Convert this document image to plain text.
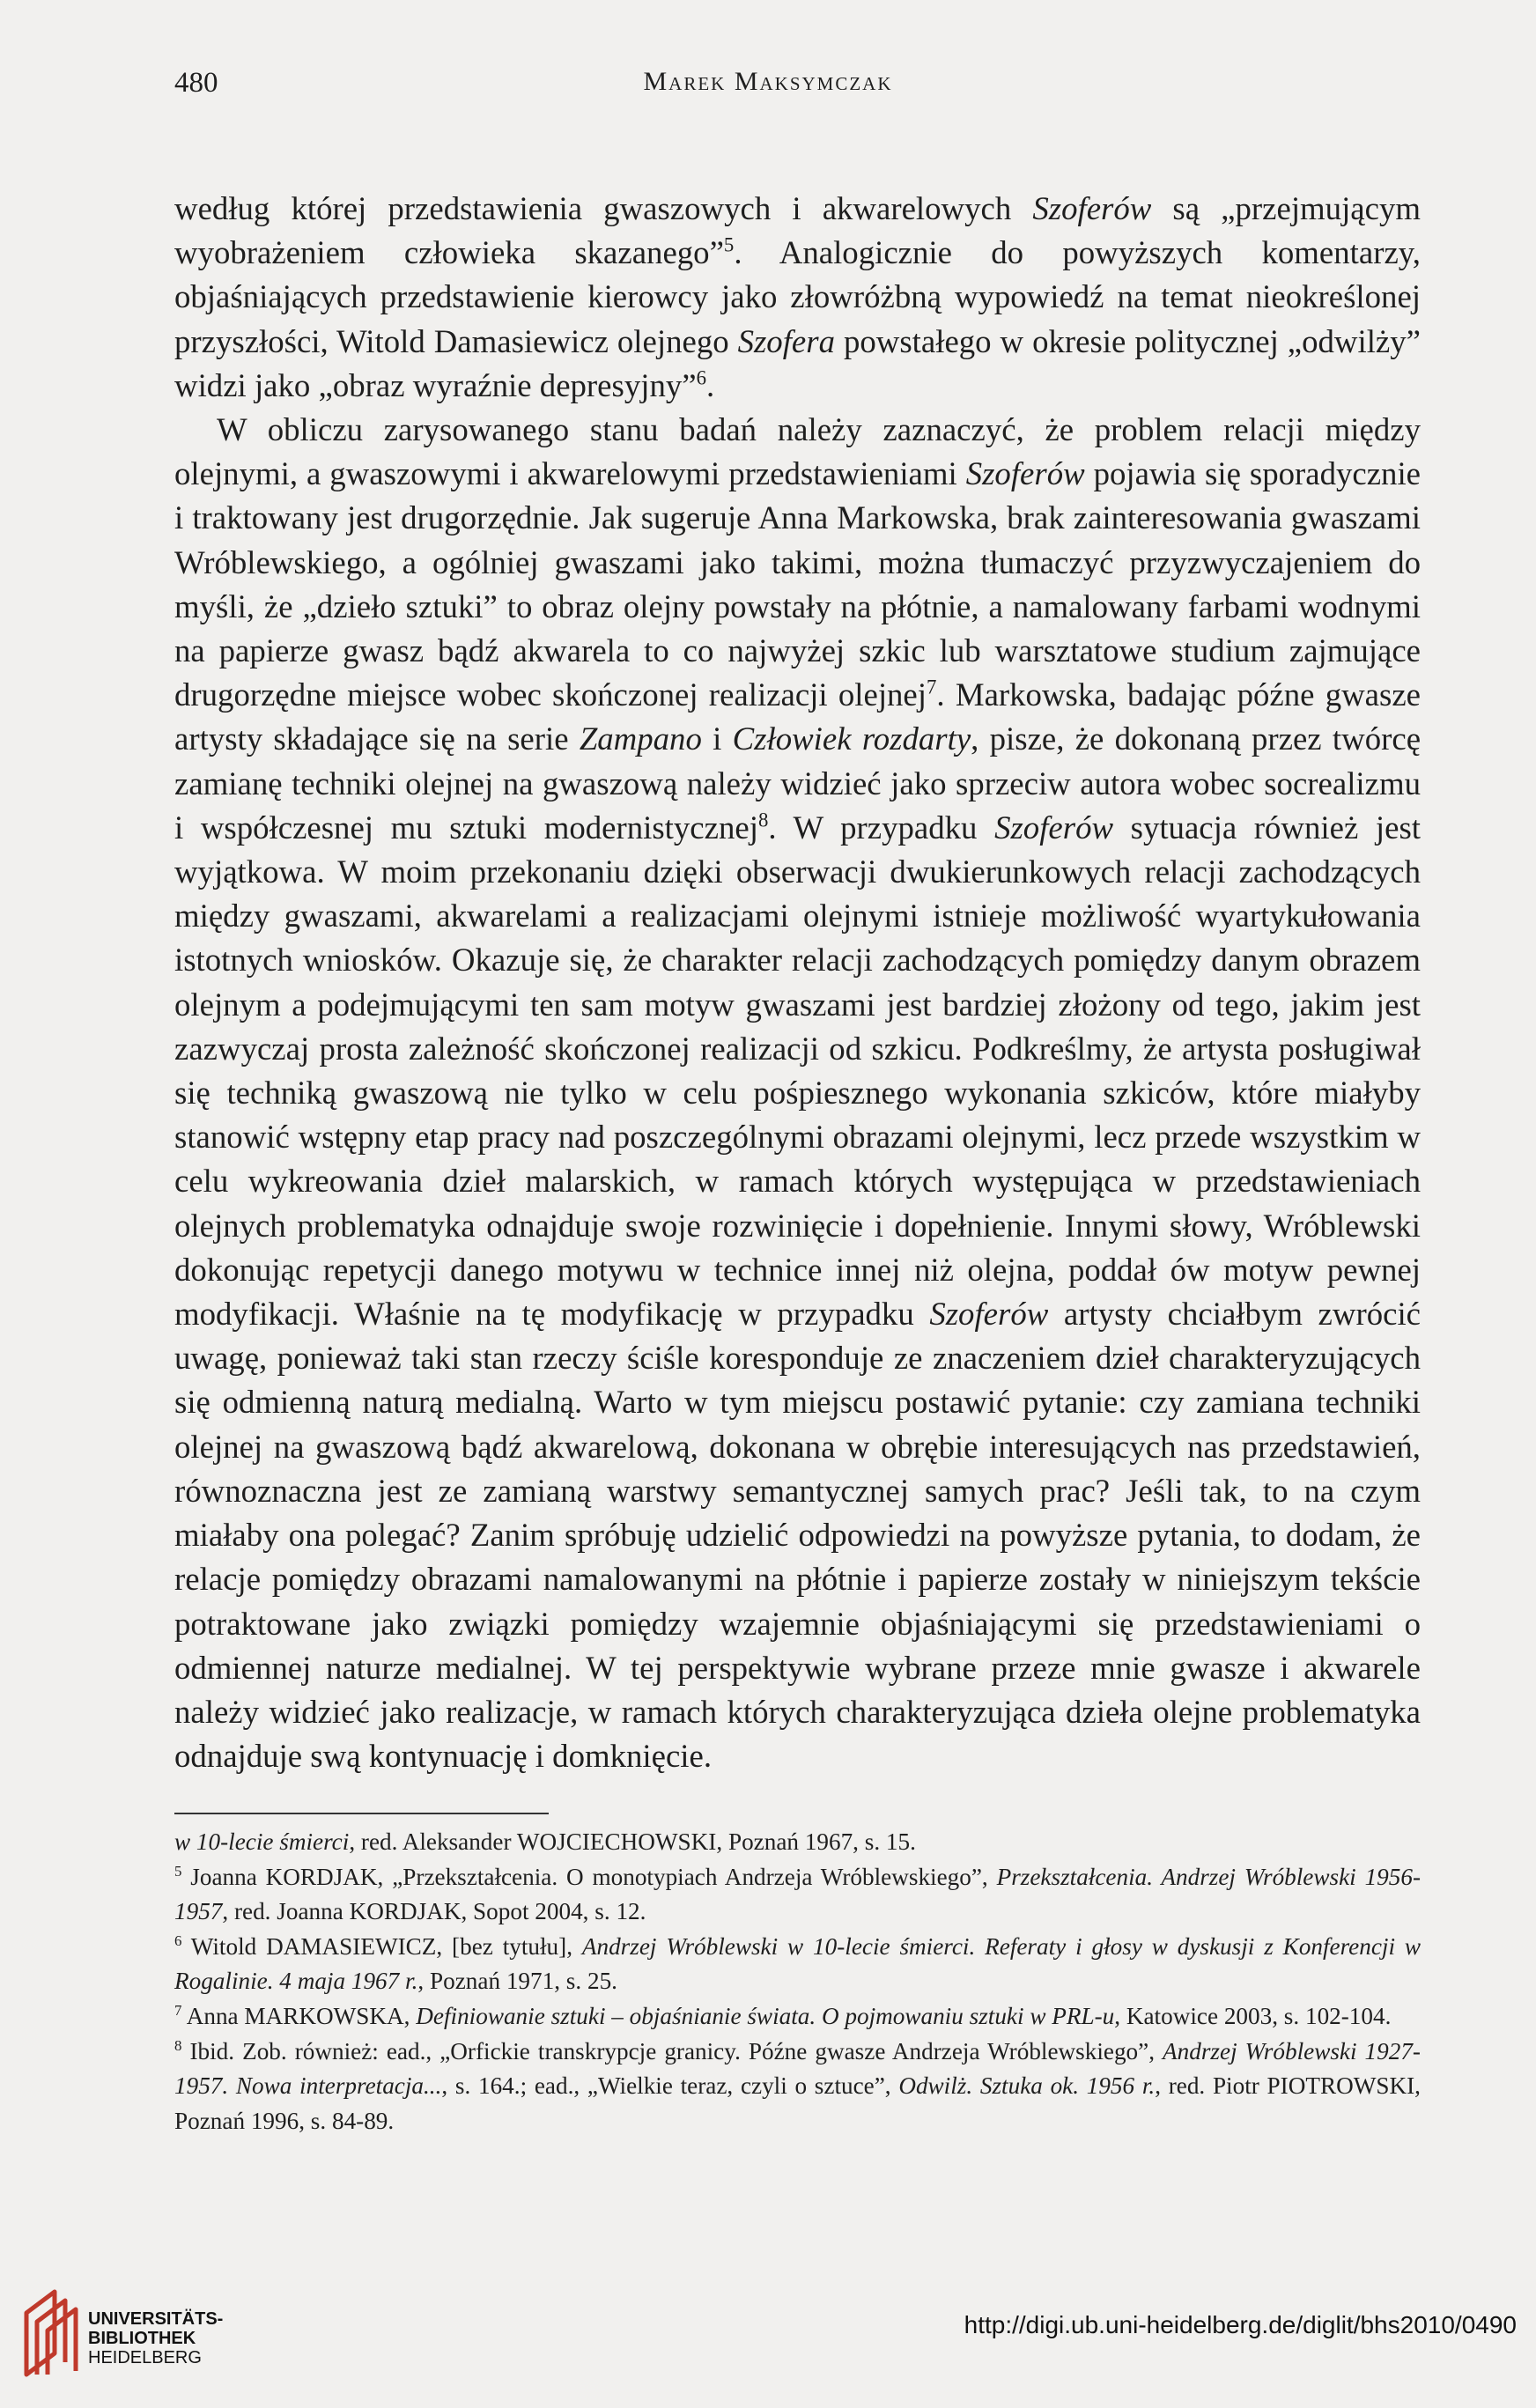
480	Marek Maksymczak

według której przedstawienia gwaszowych i akwarelowych Szoferów są „przejmującym wyobrażeniem człowieka skazanego”$^5$. Analogicznie do powyższych komentarzy, objaśniających przedstawienie kierowcy jako złowróżbną wypowiedź na temat nieokreślonej przyszłości, Witold Damasiewicz olejnego Szofera powstałego w okresie politycznej „odwilży” widzi jako „obraz wyraźnie depresyjny”$^6$.

W obliczu zarysowanego stanu badań należy zaznaczyć, że problem relacji między olejnymi, a gwaszowymi i akwarelowymi przedstawieniami Szoferów pojawia się sporadycznie i traktowany jest drugorzędnie. Jak sugeruje Anna Markowska, brak zainteresowania gwaszami Wróblewskiego, a ogólniej gwaszami jako takimi, można tłumaczyć przyzwyczajeniem do myśli, że „dzieło sztuki” to obraz olejny powstały na płótnie, a namalowany farbami wodnymi na papierze gwasz bądź akwarela to co najwyżej szkic lub warsztatowe studium zajmujące drugorzędne miejsce wobec skończonej realizacji olejnej$^7$. Markowska, badając późne gwasze artysty składające się na serie Zampano i Człowiek rozdarty, pisze, że dokonaną przez twórcę zamianę techniki olejnej na gwaszową należy widzieć jako sprzeciw autora wobec socrealizmu i współczesnej mu sztuki modernistycznej$^8$. W przypadku Szoferów sytuacja również jest wyjątkowa. W moim przekonaniu dzięki obserwacji dwukierunkowych relacji zachodzących między gwaszami, akwarelami a realizacjami olejnymi istnieje możliwość wyartykułowania istotnych wniosków. Okazuje się, że charakter relacji zachodzących pomiędzy danym obrazem olejnym a podejmującymi ten sam motyw gwaszami jest bardziej złożony od tego, jakim jest zazwyczaj prosta zależność skończonej realizacji od szkicu. Podkreślmy, że artysta posługiwał się techniką gwaszową nie tylko w celu pośpiesznego wykonania szkiców, które miałyby stanowić wstępny etap pracy nad poszczególnymi obrazami olejnymi, lecz przede wszystkim w celu wykreowania dzieł malarskich, w ramach których występująca w przedstawieniach olejnych problematyka odnajduje swoje rozwinięcie i dopełnienie. Innymi słowy, Wróblewski dokonując repetycji danego motywu w technice innej niż olejna, poddał ów motyw pewnej modyfikacji. Właśnie na tę modyfikację w przypadku Szoferów artysty chciałbym zwrócić uwagę, ponieważ taki stan rzeczy ściśle koresponduje ze znaczeniem dzieł charakteryzujących się odmienną naturą medialną. Warto w tym miejscu postawić pytanie: czy zamiana techniki olejnej na gwaszową bądź akwarelową, dokonana w obrębie interesujących nas przedstawień, równoznaczna jest ze zamianą warstwy semantycznej samych prac? Jeśli tak, to na czym miałaby ona polegać? Zanim spróbuję udzielić odpowiedzi na powyższe pytania, to dodam, że relacje pomiędzy obrazami namalowanymi na płótnie i papierze zostały w niniejszym tekście potraktowane jako związki pomiędzy wzajemnie objaśniającymi się przedstawieniami o odmiennej naturze medialnej. W tej perspektywie wybrane przeze mnie gwasze i akwarele należy widzieć jako realizacje, w ramach których charakteryzująca dzieła olejne problematyka odnajduje swą kontynuację i domknięcie.

w 10-lecie śmierci, red. Aleksander WOJCIECHOWSKI, Poznań 1967, s. 15.

$^5$ Joanna KORDJAK, „Przekształcenia. O monotypiach Andrzeja Wróblewskiego”, Przekształcenia. Andrzej Wróblewski 1956-1957, red. Joanna KORDJAK, Sopot 2004, s. 12.

$^6$ Witold DAMASIEWICZ, [bez tytułu], Andrzej Wróblewski w 10-lecie śmierci. Referaty i głosy w dyskusji z Konferencji w Rogalinie. 4 maja 1967 r., Poznań 1971, s. 25.

$^7$ Anna MARKOWSKA, Definiowanie sztuki – objaśnianie świata. O pojmowaniu sztuki w PRL-u, Katowice 2003, s. 102-104.

$^8$ Ibid. Zob. również: ead., „Orfickie transkrypcje granicy. Późne gwasze Andrzeja Wróblewskiego”, Andrzej Wróblewski 1927-1957. Nowa interpretacja..., s. 164.; ead., „Wielkie teraz, czyli o sztuce”, Odwilż. Sztuka ok. 1956 r., red. Piotr PIOTROWSKI, Poznań 1996, s. 84-89.

UNIVERSITÄTS-
BIBLIOTHEK
HEIDELBERG
http://digi.ub.uni-heidelberg.de/diglit/bhs2010/0490
